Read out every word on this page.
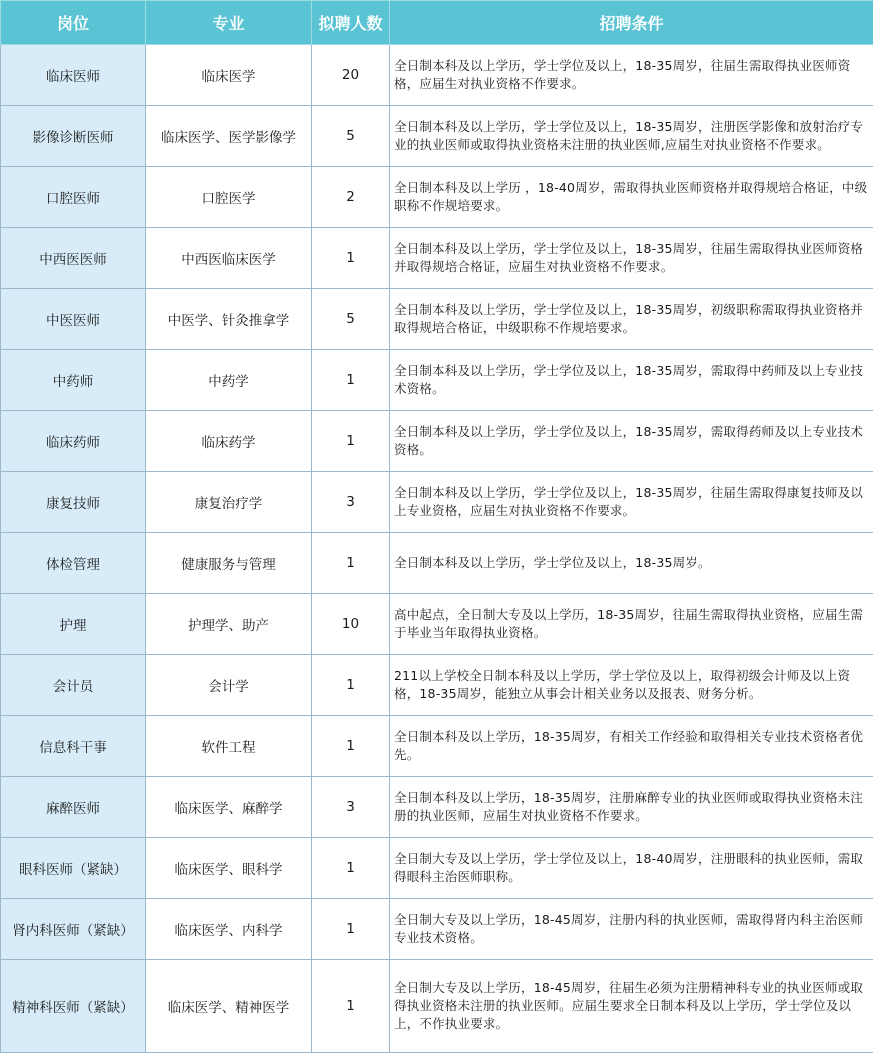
岗位	专业	拟聘人数	招聘条件
临床医师	临床医学	20	全日制本科及以上学历，学士学位及以上，18-35周岁，往届生需取得执业医师资格，应届生对执业资格不作要求。
影像诊断医师	临床医学、医学影像学	5	全日制本科及以上学历，学士学位及以上，18-35周岁，注册医学影像和放射治疗专业的执业医师或取得执业资格未注册的执业医师,应届生对执业资格不作要求。
口腔医师	口腔医学	2	全日制本科及以上学历 ，18-40周岁，需取得执业医师资格并取得规培合格证，中级职称不作规培要求。
中西医医师	中西医临床医学	1	全日制本科及以上学历，学士学位及以上，18-35周岁，往届生需取得执业医师资格并取得规培合格证，应届生对执业资格不作要求。
中医医师	中医学、针灸推拿学	5	全日制本科及以上学历，学士学位及以上，18-35周岁，初级职称需取得执业资格并取得规培合格证，中级职称不作规培要求。
中药师	中药学	1	全日制本科及以上学历，学士学位及以上，18-35周岁，需取得中药师及以上专业技术资格。
临床药师	临床药学	1	全日制本科及以上学历，学士学位及以上，18-35周岁，需取得药师及以上专业技术资格。
康复技师	康复治疗学	3	全日制本科及以上学历，学士学位及以上，18-35周岁，往届生需取得康复技师及以上专业资格，应届生对执业资格不作要求。
体检管理	健康服务与管理	1	全日制本科及以上学历，学士学位及以上，18-35周岁。
护理	护理学、助产	10	高中起点，全日制大专及以上学历，18-35周岁，往届生需取得执业资格，应届生需于毕业当年取得执业资格。
会计员	会计学	1	211以上学校全日制本科及以上学历，学士学位及以上，取得初级会计师及以上资格，18-35周岁，能独立从事会计相关业务以及报表、财务分析。
信息科干事	软件工程	1	全日制本科及以上学历，18-35周岁，有相关工作经验和取得相关专业技术资格者优先。
麻醉医师	临床医学、麻醉学	3	全日制本科及以上学历，18-35周岁，注册麻醉专业的执业医师或取得执业资格未注册的执业医师，应届生对执业资格不作要求。
眼科医师（紧缺）	临床医学、眼科学	1	全日制大专及以上学历，学士学位及以上，18-40周岁，注册眼科的执业医师，需取得眼科主治医师职称。
肾内科医师（紧缺）	临床医学、内科学	1	全日制大专及以上学历，18-45周岁，注册内科的执业医师，需取得肾内科主治医师专业技术资格。
精神科医师（紧缺）	临床医学、精神医学	1	全日制大专及以上学历，18-45周岁，往届生必须为注册精神科专业的执业医师或取得执业资格未注册的执业医师。应届生要求全日制本科及以上学历，学士学位及以上，不作执业要求。
